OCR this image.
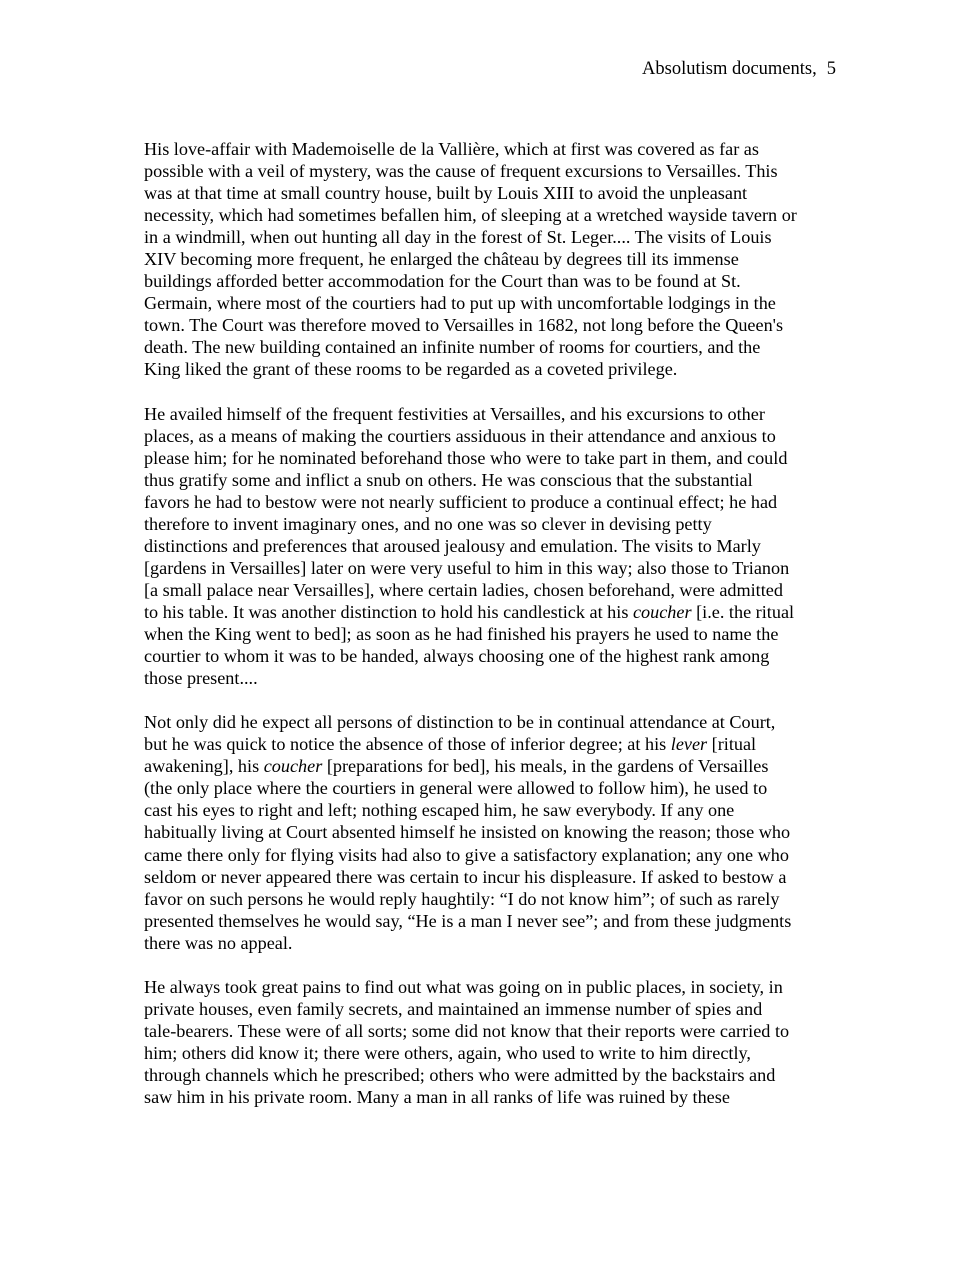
Absolutism documents, 5

His love-affair with Mademoiselle de la Vallière, which at first was covered as far as
possible with a veil of mystery, was the cause of frequent excursions to Versailles. This
was at that time at small country house, built by Louis XIII to avoid the unpleasant
necessity, which had sometimes befallen him, of sleeping at a wretched wayside tavern or
in a windmill, when out hunting all day in the forest of St. Leger.... The visits of Louis
XIV becoming more frequent, he enlarged the château by degrees till its immense
buildings afforded better accommodation for the Court than was to be found at St.
Germain, where most of the courtiers had to put up with uncomfortable lodgings in the
town. The Court was therefore moved to Versailles in 1682, not long before the Queen's
death. The new building contained an infinite number of rooms for courtiers, and the
King liked the grant of these rooms to be regarded as a coveted privilege.

He availed himself of the frequent festivities at Versailles, and his excursions to other
places, as a means of making the courtiers assiduous in their attendance and anxious to
please him; for he nominated beforehand those who were to take part in them, and could
thus gratify some and inflict a snub on others. He was conscious that the substantial
favors he had to bestow were not nearly sufficient to produce a continual effect; he had
therefore to invent imaginary ones, and no one was so clever in devising petty
distinctions and preferences that aroused jealousy and emulation. The visits to Marly
[gardens in Versailles] later on were very useful to him in this way; also those to Trianon
[a small palace near Versailles], where certain ladies, chosen beforehand, were admitted
to his table. It was another distinction to hold his candlestick at his coucher [i.e. the ritual
when the King went to bed]; as soon as he had finished his prayers he used to name the
courtier to whom it was to be handed, always choosing one of the highest rank among
those present....

Not only did he expect all persons of distinction to be in continual attendance at Court,
but he was quick to notice the absence of those of inferior degree; at his lever [ritual
awakening], his coucher [preparations for bed], his meals, in the gardens of Versailles
(the only place where the courtiers in general were allowed to follow him), he used to
cast his eyes to right and left; nothing escaped him, he saw everybody. If any one
habitually living at Court absented himself he insisted on knowing the reason; those who
came there only for flying visits had also to give a satisfactory explanation; any one who
seldom or never appeared there was certain to incur his displeasure. If asked to bestow a
favor on such persons he would reply haughtily: “I do not know him”; of such as rarely
presented themselves he would say, “He is a man I never see”; and from these judgments
there was no appeal.

He always took great pains to find out what was going on in public places, in society, in
private houses, even family secrets, and maintained an immense number of spies and
tale-bearers. These were of all sorts; some did not know that their reports were carried to
him; others did know it; there were others, again, who used to write to him directly,
through channels which he prescribed; others who were admitted by the backstairs and
saw him in his private room. Many a man in all ranks of life was ruined by these
